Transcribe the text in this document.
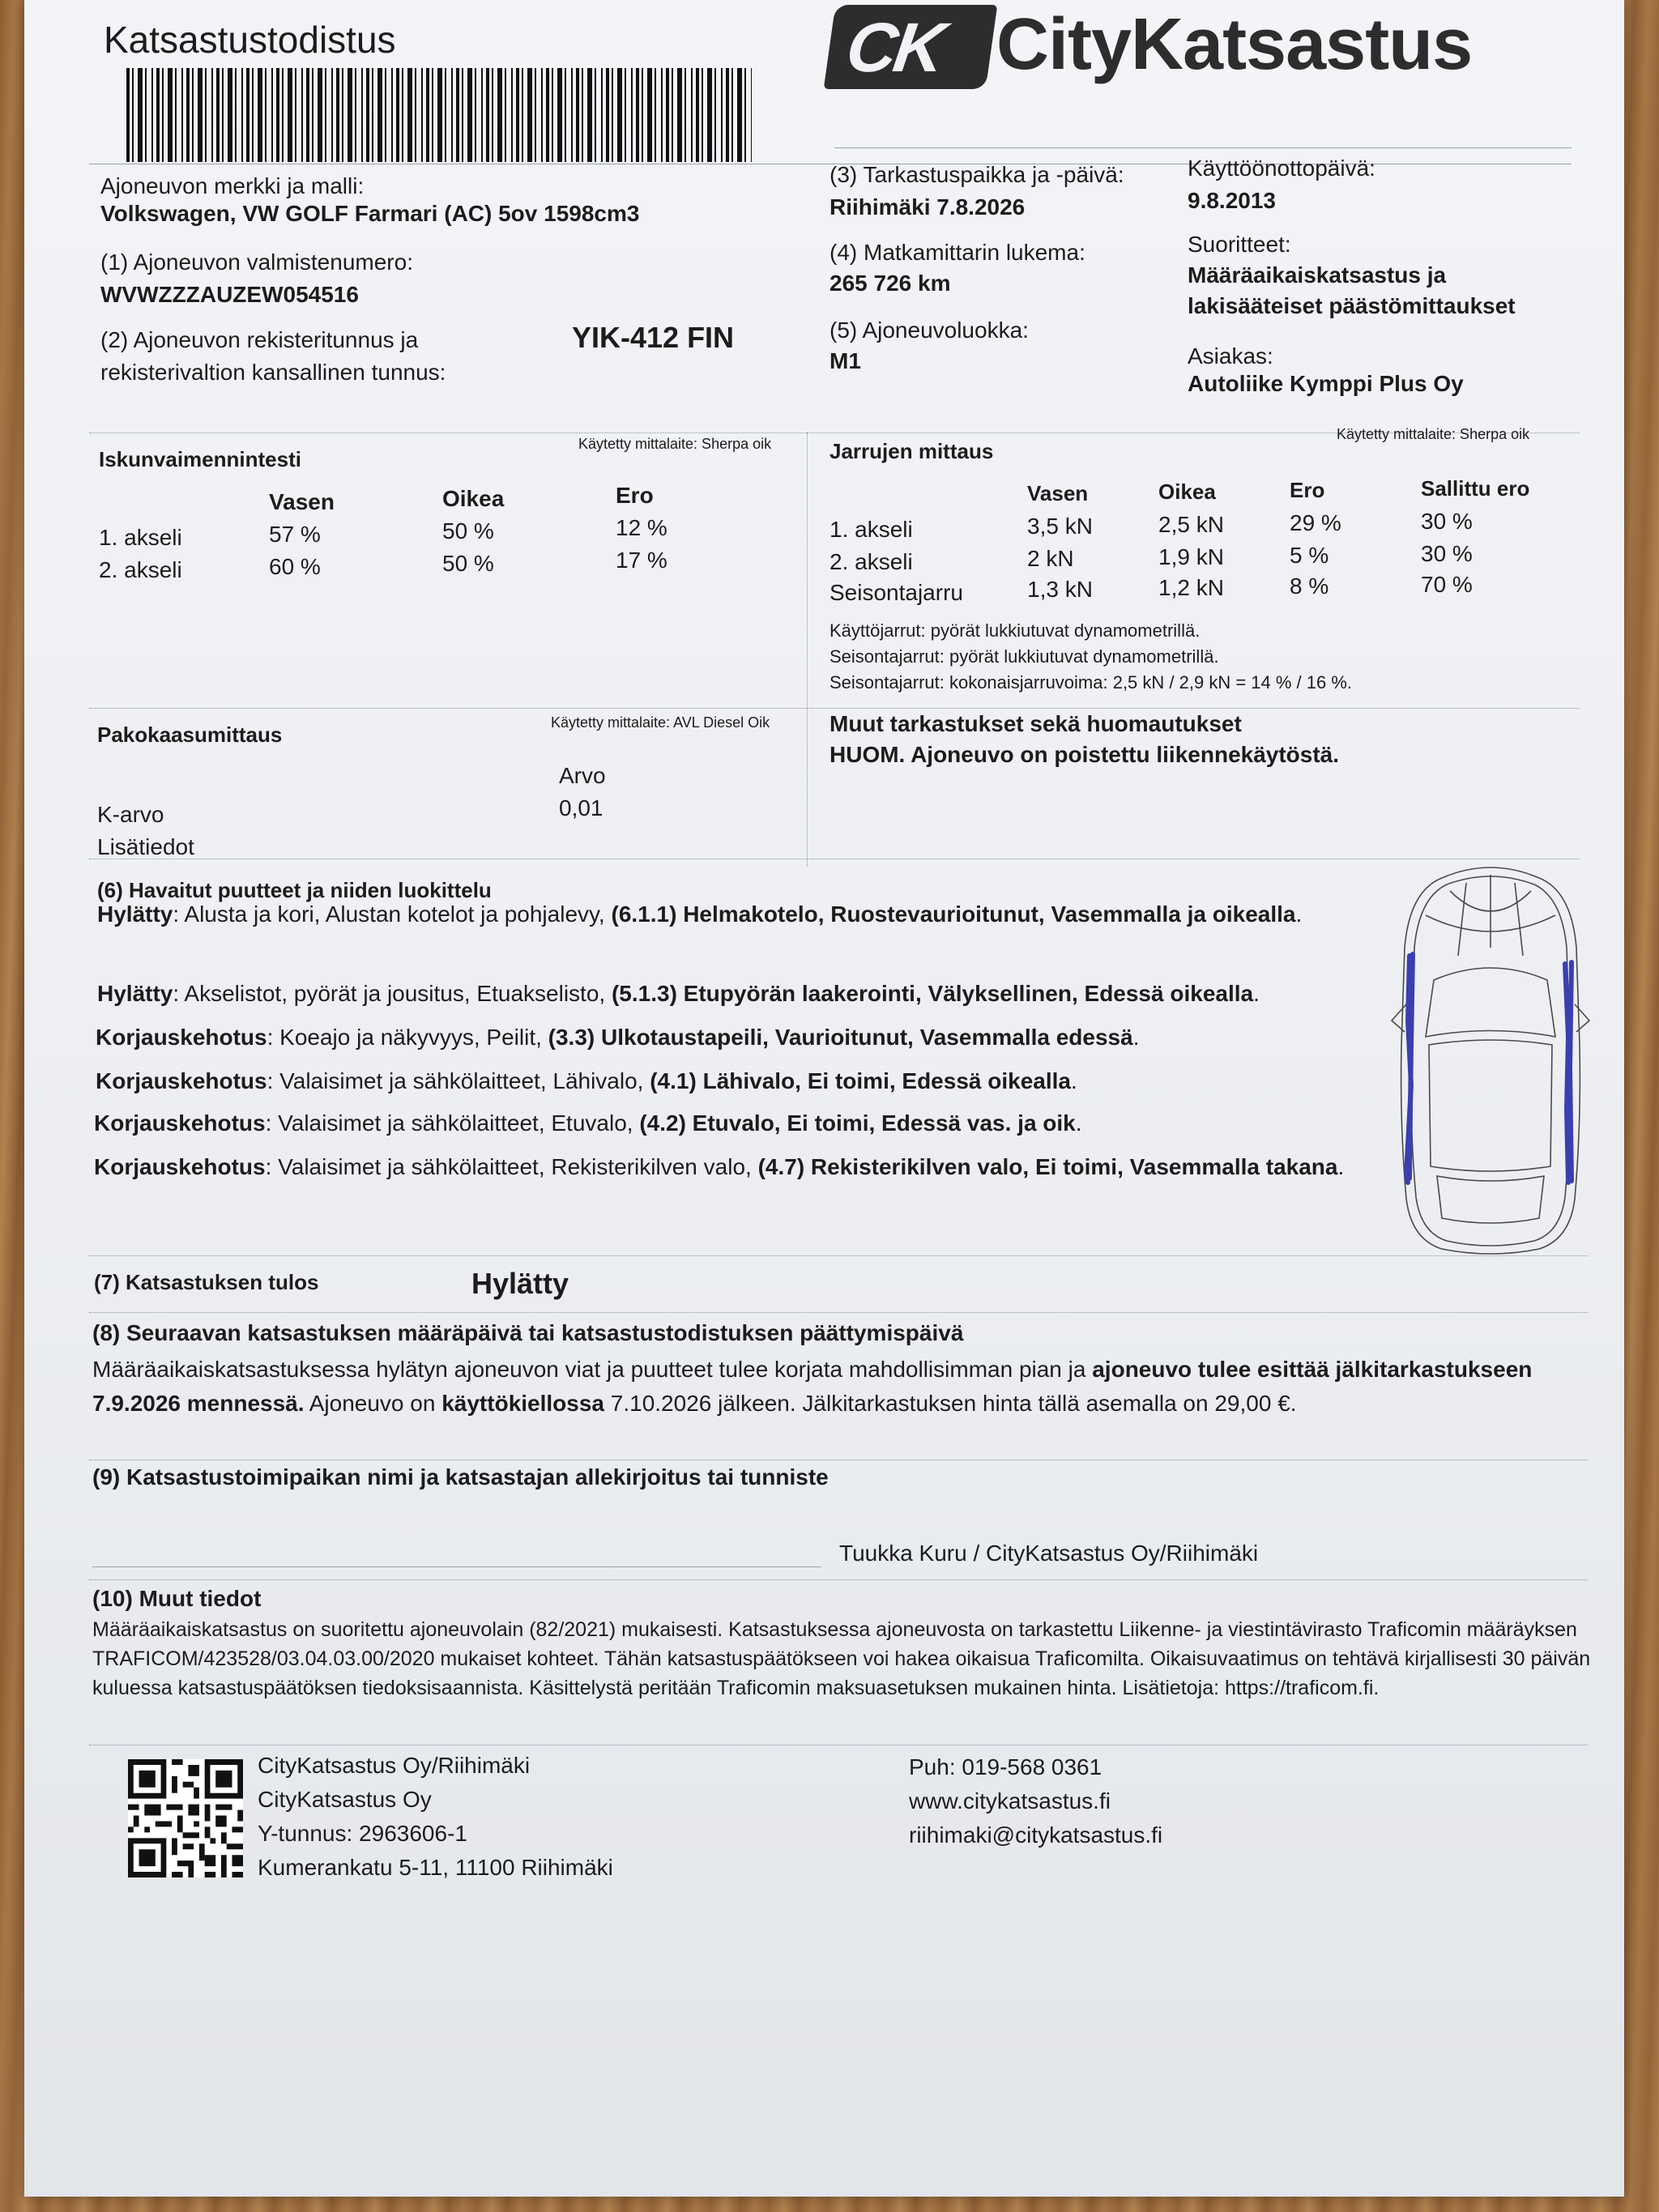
Katsastustodistus	CK CityKatsastus
Ajoneuvon merkki ja malli:
Volkswagen, VW GOLF Farmari (AC) 5ov 1598cm3
(1) Ajoneuvon valmistenumero:
WVWZZZAUZEW054516
(2) Ajoneuvon rekisteritunnus ja
rekisterivaltion kansallinen tunnus:
YIK-412 FIN
(3) Tarkastuspaikka ja -päivä:
Riihimäki 7.8.2026
(4) Matkamittarin lukema:
265 726 km
(5) Ajoneuvoluokka:
M1
Käyttöönottopäivä:
9.8.2013
Suoritteet:
Määräaikaiskatsastus ja
lakisääteiset päästömittaukset
Asiakas:
Autoliike Kymppi Plus Oy
Iskunvaimennintesti
Käytetty mittalaite: Sherpa oik
Vasen	Oikea	Ero
1. akseli	57 %	50 %	12 %
2. akseli	60 %	50 %	17 %
Jarrujen mittaus
Käytetty mittalaite: Sherpa oik
Vasen	Oikea	Ero	Sallittu ero
1. akseli	3,5 kN	2,5 kN	29 %	30 %
2. akseli	2 kN	1,9 kN	5 %	30 %
Seisontajarru	1,3 kN	1,2 kN	8 %	70 %
Käyttöjarrut: pyörät lukkiutuvat dynamometrillä.
Seisontajarrut: pyörät lukkiutuvat dynamometrillä.
Seisontajarrut: kokonaisjarruvoima: 2,5 kN / 2,9 kN = 14 % / 16 %.
Pakokaasumittaus	Käytetty mittalaite: AVL Diesel Oik
Arvo
K-arvo	0,01
Lisätiedot
Muut tarkastukset sekä huomautukset
HUOM. Ajoneuvo on poistettu liikennekäytöstä.
(6) Havaitut puutteet ja niiden luokittelu
Hylätty: Alusta ja kori, Alustan kotelot ja pohjalevy, (6.1.1) Helmakotelo, Ruostevaurioitunut, Vasemmalla ja oikealla.
Hylätty: Akselistot, pyörät ja jousitus, Etuakselisto, (5.1.3) Etupyörän laakerointi, Välyksellinen, Edessä oikealla.
Korjauskehotus: Koeajo ja näkyvyys, Peilit, (3.3) Ulkotaustapeili, Vaurioitunut, Vasemmalla edessä.
Korjauskehotus: Valaisimet ja sähkölaitteet, Lähivalo, (4.1) Lähivalo, Ei toimi, Edessä oikealla.
Korjauskehotus: Valaisimet ja sähkölaitteet, Etuvalo, (4.2) Etuvalo, Ei toimi, Edessä vas. ja oik.
Korjauskehotus: Valaisimet ja sähkölaitteet, Rekisterikilven valo, (4.7) Rekisterikilven valo, Ei toimi, Vasemmalla takana.
(7) Katsastuksen tulos	Hylätty
(8) Seuraavan katsastuksen määräpäivä tai katsastustodistuksen päättymispäivä
Määräaikaiskatsastuksessa hylätyn ajoneuvon viat ja puutteet tulee korjata mahdollisimman pian ja ajoneuvo tulee esittää jälkitarkastukseen 7.9.2026 mennessä. Ajoneuvo on käyttökiellossa 7.10.2026 jälkeen. Jälkitarkastuksen hinta tällä asemalla on 29,00 €.
(9) Katsastustoimipaikan nimi ja katsastajan allekirjoitus tai tunniste
Tuukka Kuru / CityKatsastus Oy/Riihimäki
(10) Muut tiedot
Määräaikaiskatsastus on suoritettu ajoneuvolain (82/2021) mukaisesti. Katsastuksessa ajoneuvosta on tarkastettu Liikenne- ja viestintävirasto Traficomin määräyksen TRAFICOM/423528/03.04.03.00/2020 mukaiset kohteet. Tähän katsastuspäätökseen voi hakea oikaisua Traficomilta. Oikaisuvaatimus on tehtävä kirjallisesti 30 päivän kuluessa katsastuspäätöksen tiedoksisaannista. Käsittelystä peritään Traficomin maksuasetuksen mukainen hinta. Lisätietoja: https://traficom.fi.
CityKatsastus Oy/Riihimäki
CityKatsastus Oy
Y-tunnus: 2963606-1
Kumerankatu 5-11, 11100 Riihimäki
Puh: 019-568 0361
www.citykatsastus.fi
riihimaki@citykatsastus.fi
